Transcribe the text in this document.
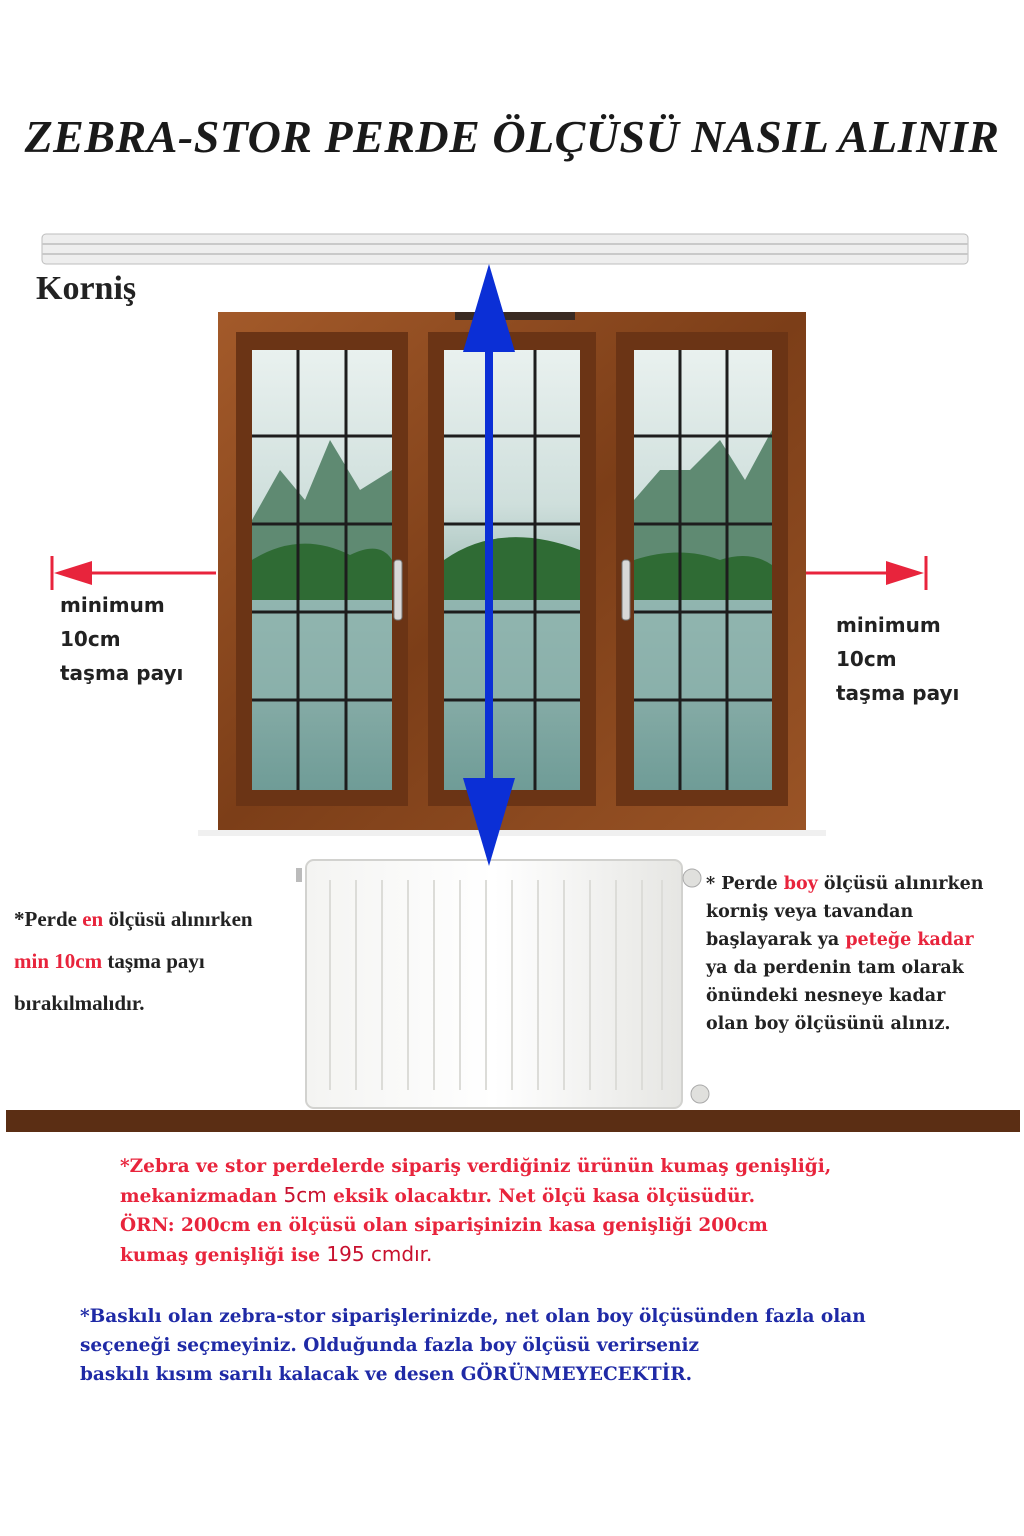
ZEBRA-STOR PERDE ÖLÇÜSÜ NASIL ALINIR
Korniş
minimum
10cm
taşma payı
minimum
10cm
taşma payı
*Perde en ölçüsü alınırken
min 10cm taşma payı
bırakılmalıdır.
* Perde boy ölçüsü alınırken
korniş veya tavandan
başlayarak ya peteğe kadar
ya da perdenin tam olarak
önündeki nesneye kadar
olan boy ölçüsünü alınız.
*Zebra ve stor perdelerde sipariş verdiğiniz ürünün kumaş genişliği,
mekanizmadan 5cm eksik olacaktır. Net ölçü kasa ölçüsüdür.
ÖRN: 200cm en ölçüsü olan siparişinizin kasa genişliği 200cm
kumaş genişliği ise 195 cmdır.
*Baskılı olan zebra-stor siparişlerinizde, net olan boy ölçüsünden fazla olan
seçeneği seçmeyiniz. Olduğunda fazla boy ölçüsü verirseniz
baskılı kısım sarılı kalacak ve desen GÖRÜNMEYECEKTİR.
